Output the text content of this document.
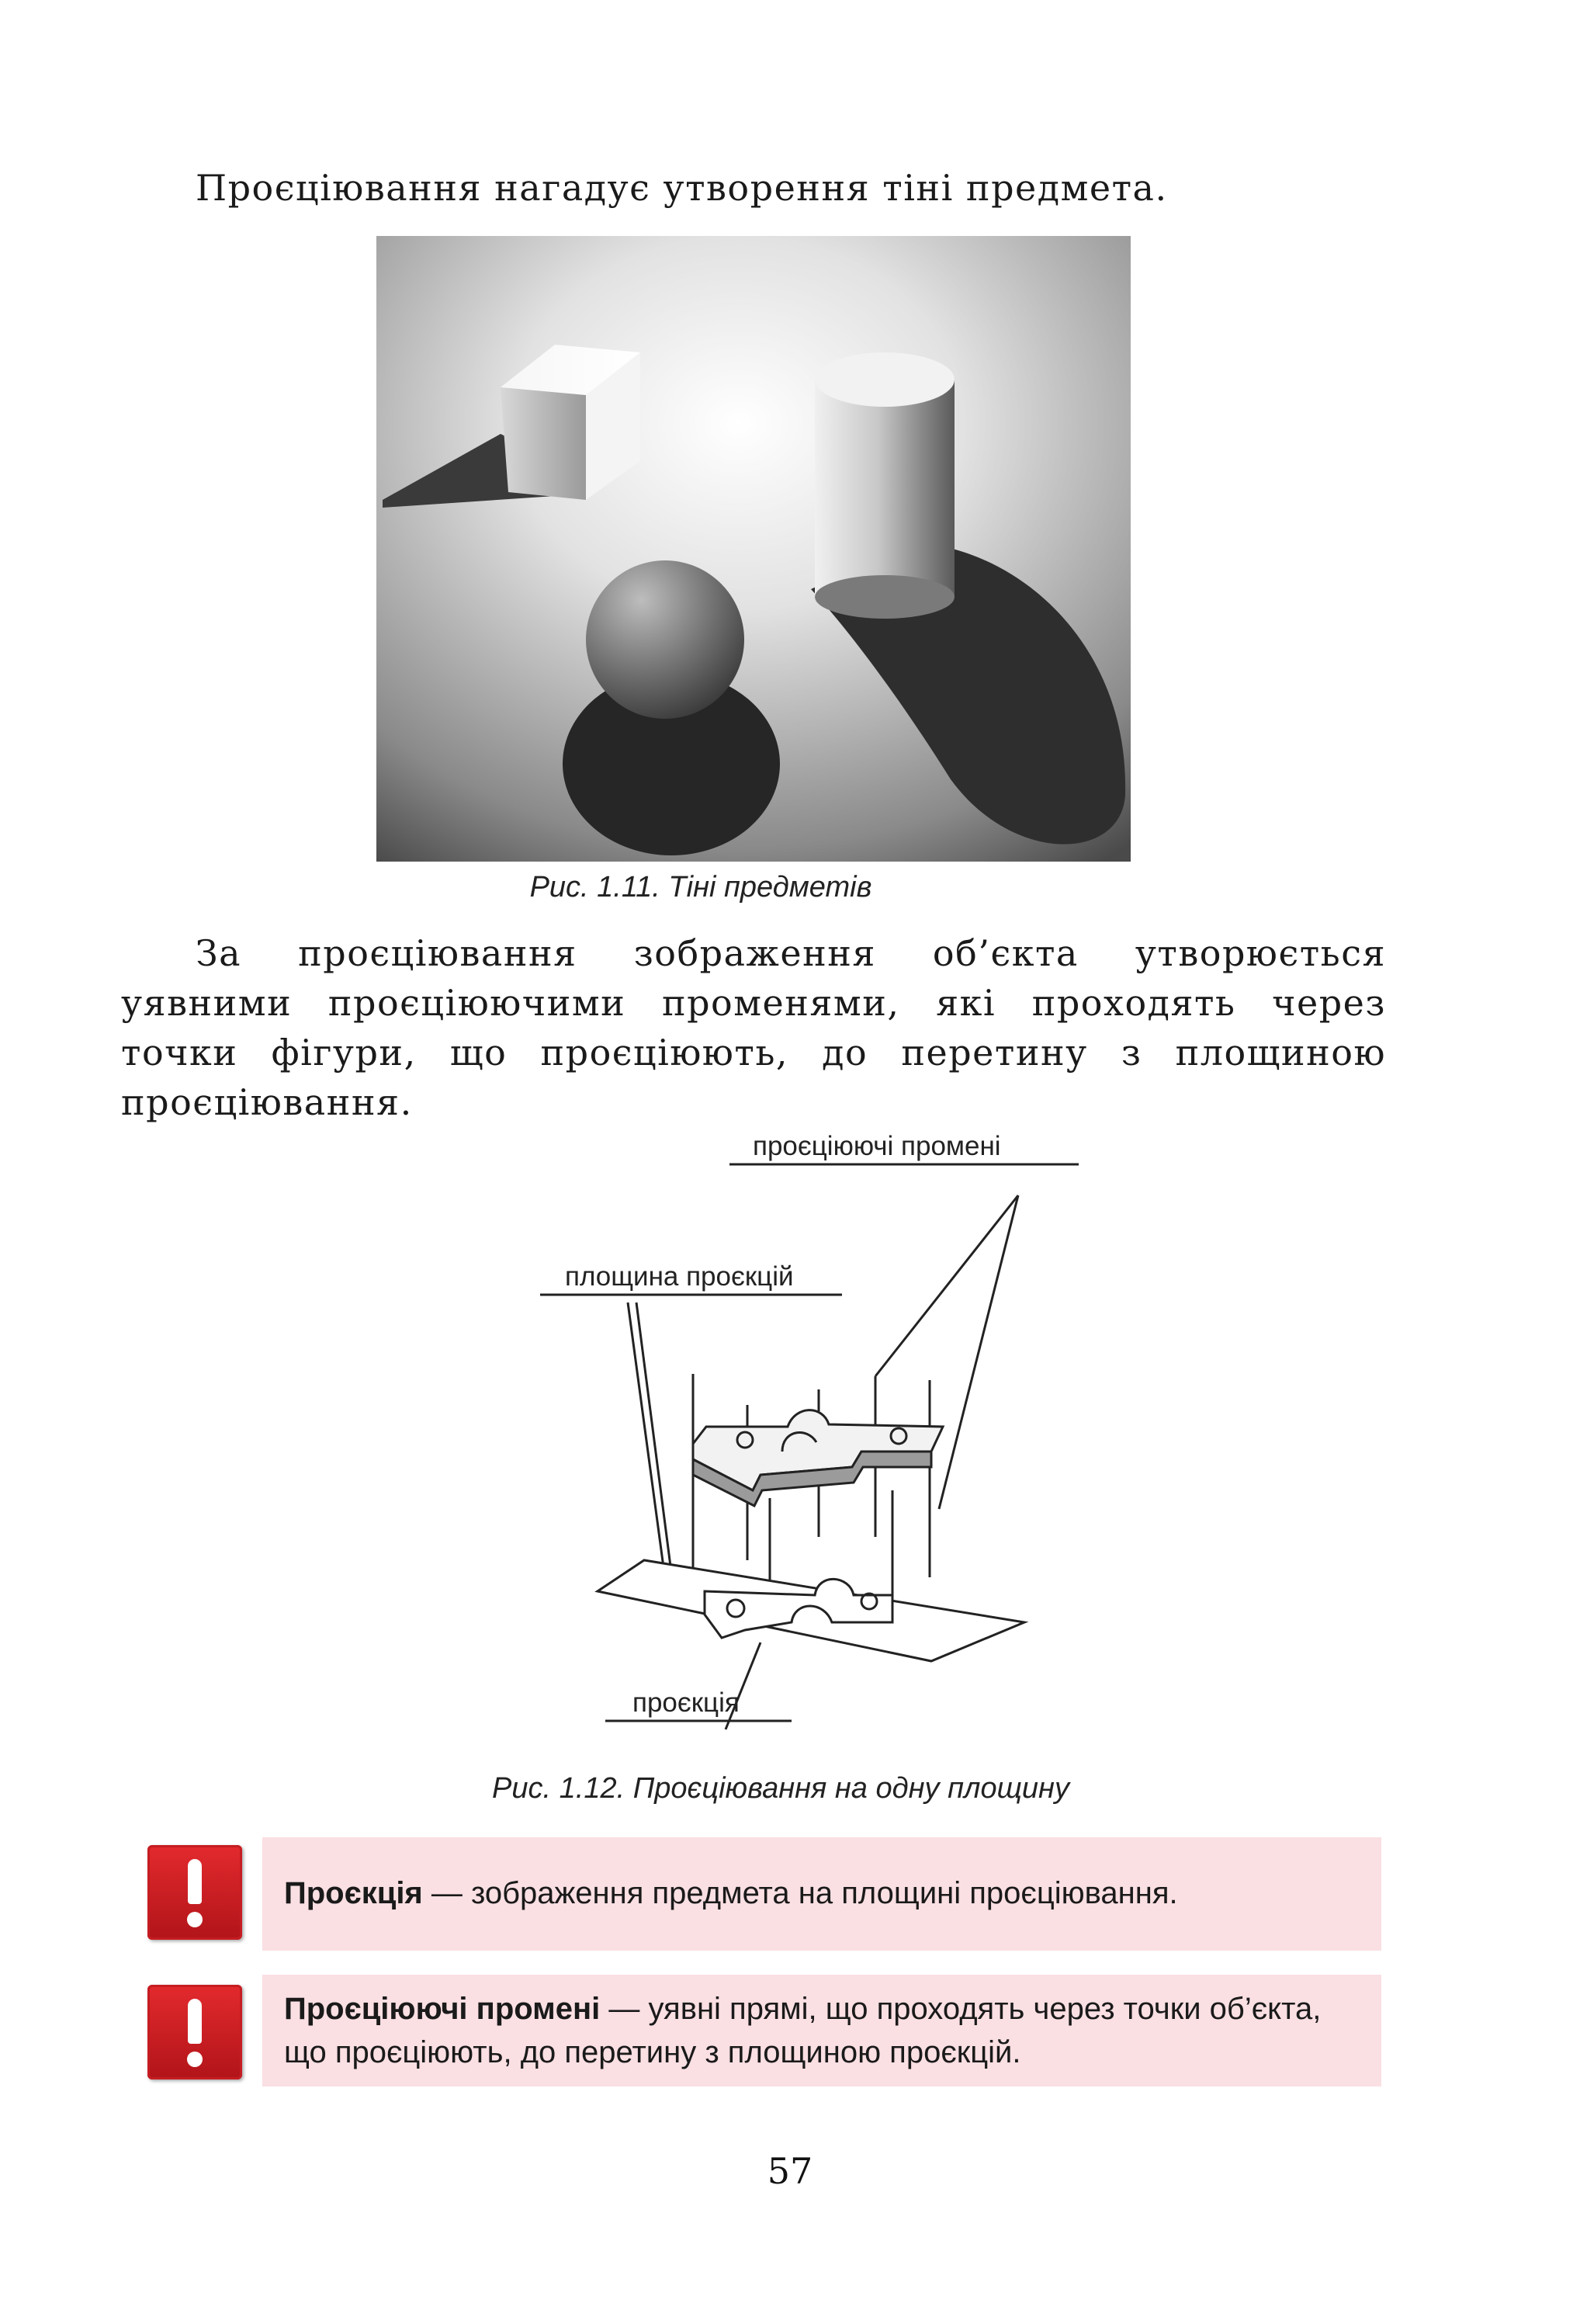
Проєціювання нагадує утворення тіні предмета.
Рис. 1.11. Тіні предметів
За проєціювання зображення об’єкта утворюється уявними проєціюючими променями, які проходять через точки фігури, що проєціюють, до перетину з площиною проєціювання.
проєціюючі промені
площина проєкцій
проєкція
Рис. 1.12. Проєціювання на одну площину
Проєкція — зображення предмета на площині проєціювання.
Проєціюючі промені — уявні прямі, що проходять через точки об’єкта, що проєціюють, до перетину з площиною проєкцій.
57
